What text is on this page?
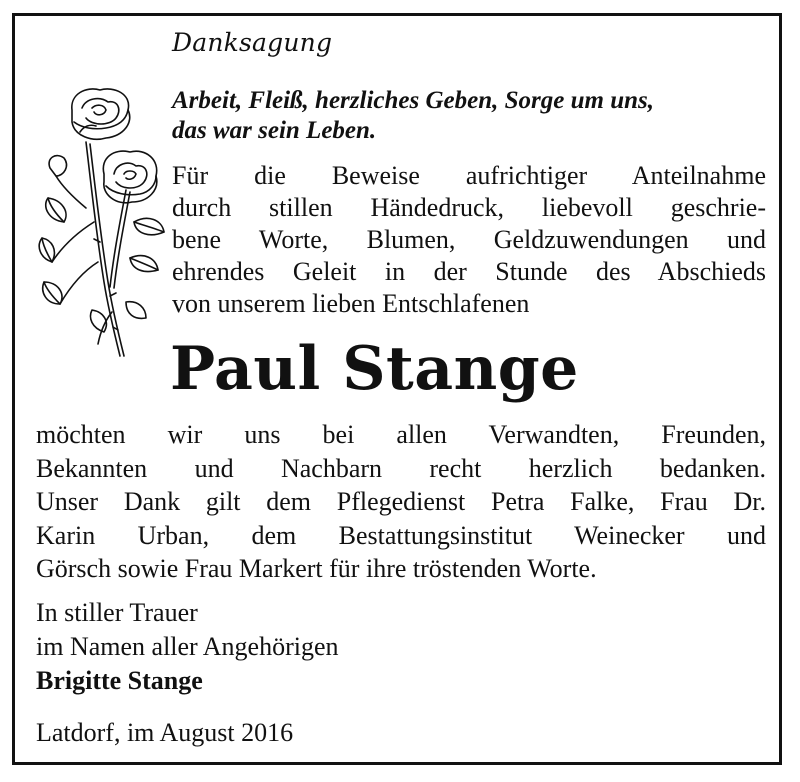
Danksagung
Arbeit, Fleiß, herzliches Geben, Sorge um uns,
das war sein Leben.
Für die Beweise aufrichtiger Anteilnahme
durch stillen Händedruck, liebevoll geschrie-
bene Worte, Blumen, Geldzuwendungen und
ehrendes Geleit in der Stunde des Abschieds
von unserem lieben Entschlafenen
Paul Stange
möchten wir uns bei allen Verwandten, Freunden,
Bekannten und Nachbarn recht herzlich bedanken.
Unser Dank gilt dem Pflegedienst Petra Falke, Frau Dr.
Karin Urban, dem Bestattungsinstitut Weinecker und
Görsch sowie Frau Markert für ihre tröstenden Worte.
In stiller Trauer
im Namen aller Angehörigen
Brigitte Stange
Latdorf, im August 2016
